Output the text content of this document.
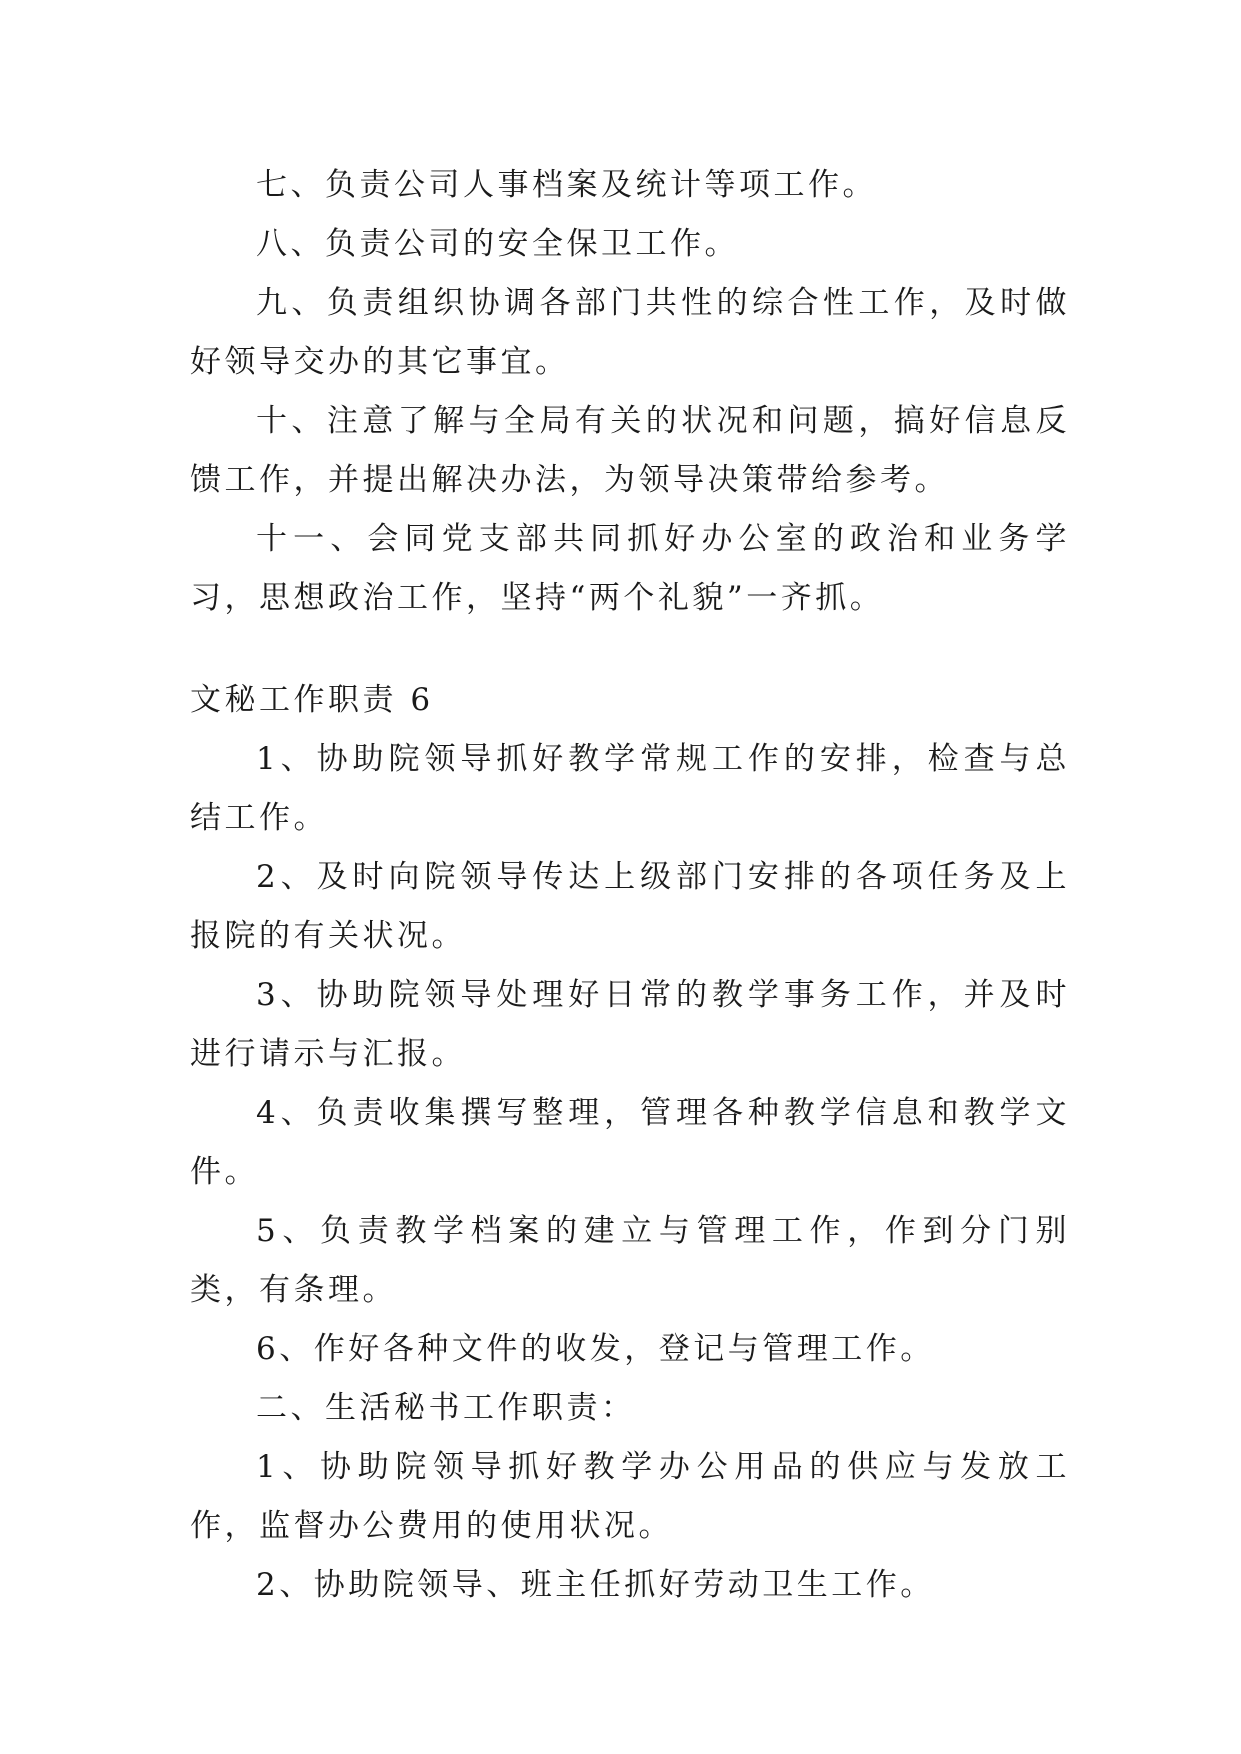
七、负责公司人事档案及统计等项工作。

八、负责公司的安全保卫工作。

九、负责组织协调各部门共性的综合性工作，及时做好领导交办的其它事宜。

十、注意了解与全局有关的状况和问题，搞好信息反馈工作，并提出解决办法，为领导决策带给参考。

十一、会同党支部共同抓好办公室的政治和业务学习，思想政治工作，坚持“两个礼貌”一齐抓。

文秘工作职责 6

1、协助院领导抓好教学常规工作的安排，检查与总结工作。

2、及时向院领导传达上级部门安排的各项任务及上报院的有关状况。

3、协助院领导处理好日常的教学事务工作，并及时进行请示与汇报。

4、负责收集撰写整理，管理各种教学信息和教学文件。

5、负责教学档案的建立与管理工作，作到分门别类，有条理。

6、作好各种文件的收发，登记与管理工作。

二、生活秘书工作职责：

1、协助院领导抓好教学办公用品的供应与发放工作，监督办公费用的使用状况。

2、协助院领导、班主任抓好劳动卫生工作。
